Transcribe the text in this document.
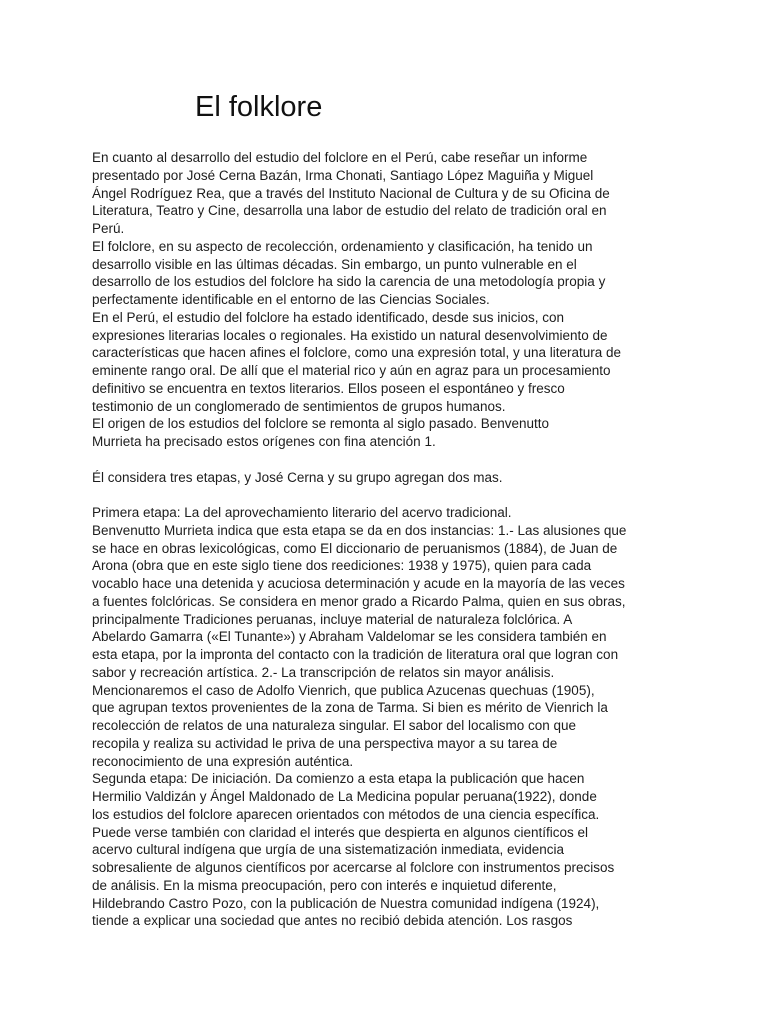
El folklore
En cuanto al desarrollo del estudio del folclore en el Perú, cabe reseñar un informe
presentado por José Cerna Bazán, Irma Chonati, Santiago López Maguiña y Miguel
Ángel Rodríguez Rea, que a través del Instituto Nacional de Cultura y de su Oficina de
Literatura, Teatro y Cine, desarrolla una labor de estudio del relato de tradición oral en
Perú.
El folclore, en su aspecto de recolección, ordenamiento y clasificación, ha tenido un
desarrollo visible en las últimas décadas. Sin embargo, un punto vulnerable en el
desarrollo de los estudios del folclore ha sido la carencia de una metodología propia y
perfectamente identificable en el entorno de las Ciencias Sociales.
En el Perú, el estudio del folclore ha estado identificado, desde sus inicios, con
expresiones literarias locales o regionales. Ha existido un natural desenvolvimiento de
características que hacen afines el folclore, como una expresión total, y una literatura de
eminente rango oral. De allí que el material rico y aún en agraz para un procesamiento
definitivo se encuentra en textos literarios. Ellos poseen el espontáneo y fresco
testimonio de un conglomerado de sentimientos de grupos humanos.
El origen de los estudios del folclore se remonta al siglo pasado. Benvenutto
Murrieta ha precisado estos orígenes con fina atención 1.
Él considera tres etapas, y José Cerna y su grupo agregan dos mas.
Primera etapa: La del aprovechamiento literario del acervo tradicional.
Benvenutto Murrieta indica que esta etapa se da en dos instancias: 1.- Las alusiones que
se hace en obras lexicológicas, como El diccionario de peruanismos (1884), de Juan de
Arona (obra que en este siglo tiene dos reediciones: 1938 y 1975), quien para cada
vocablo hace una detenida y acuciosa determinación y acude en la mayoría de las veces
a fuentes folclóricas. Se considera en menor grado a Ricardo Palma, quien en sus obras,
principalmente Tradiciones peruanas, incluye material de naturaleza folclórica. A
Abelardo Gamarra («El Tunante») y Abraham Valdelomar se les considera también en
esta etapa, por la impronta del contacto con la tradición de literatura oral que logran con
sabor y recreación artística. 2.- La transcripción de relatos sin mayor análisis.
Mencionaremos el caso de Adolfo Vienrich, que publica Azucenas quechuas (1905),
que agrupan textos provenientes de la zona de Tarma. Si bien es mérito de Vienrich la
recolección de relatos de una naturaleza singular. El sabor del localismo con que
recopila y realiza su actividad le priva de una perspectiva mayor a su tarea de
reconocimiento de una expresión auténtica.
Segunda etapa: De iniciación. Da comienzo a esta etapa la publicación que hacen
Hermilio Valdizán y Ángel Maldonado de La Medicina popular peruana(1922), donde
los estudios del folclore aparecen orientados con métodos de una ciencia específica.
Puede verse también con claridad el interés que despierta en algunos científicos el
acervo cultural indígena que urgía de una sistematización inmediata, evidencia
sobresaliente de algunos científicos por acercarse al folclore con instrumentos precisos
de análisis. En la misma preocupación, pero con interés e inquietud diferente,
Hildebrando Castro Pozo, con la publicación de Nuestra comunidad indígena (1924),
tiende a explicar una sociedad que antes no recibió debida atención. Los rasgos
